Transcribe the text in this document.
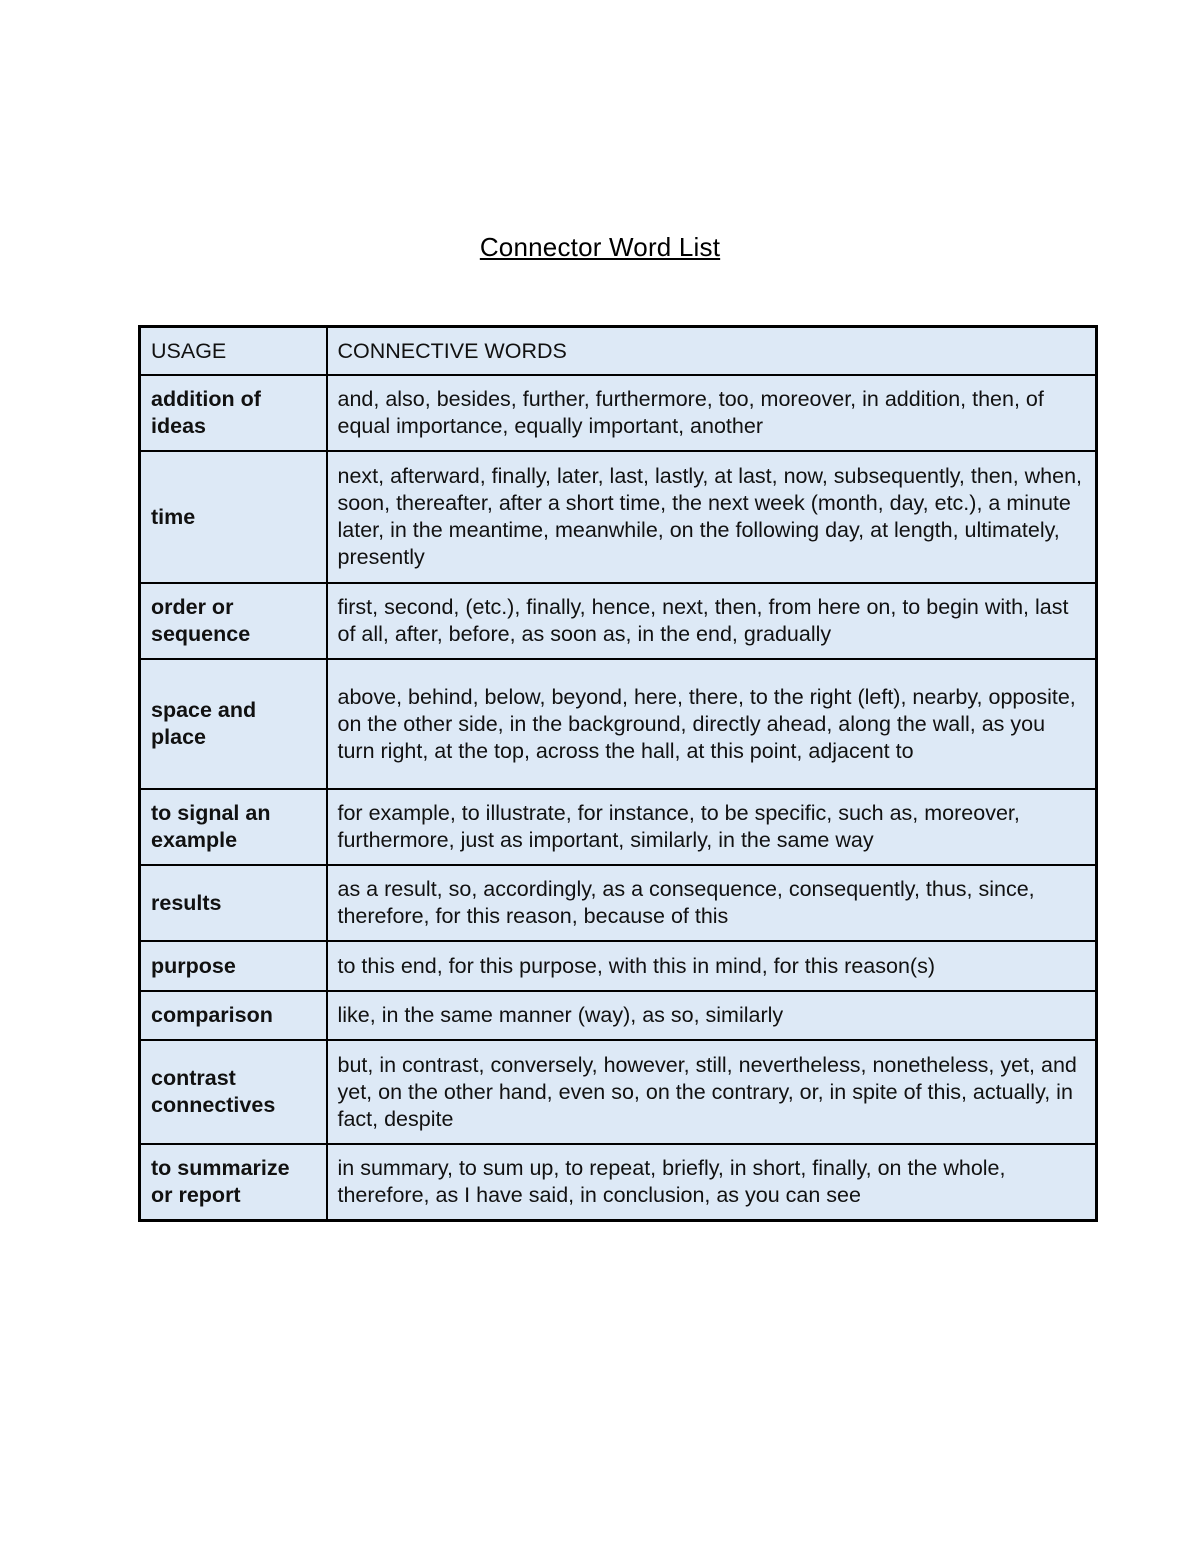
Connector Word List
USAGE	CONNECTIVE WORDS
addition of ideas	and, also, besides, further, furthermore, too, moreover, in addition, then, of equal importance, equally important, another
time	next, afterward, finally, later, last, lastly, at last, now, subsequently, then, when, soon, thereafter, after a short time, the next week (month, day, etc.), a minute later, in the meantime, meanwhile, on the following day, at length, ultimately, presently
order or sequence	first, second, (etc.), finally, hence, next, then, from here on, to begin with, last of all, after, before, as soon as, in the end, gradually
space and place	above, behind, below, beyond, here, there, to the right (left), nearby, opposite, on the other side, in the background, directly ahead, along the wall, as you turn right, at the top, across the hall, at this point, adjacent to
to signal an example	for example, to illustrate, for instance, to be specific, such as, moreover, furthermore, just as important, similarly, in the same way
results	as a result, so, accordingly, as a consequence, consequently, thus, since, therefore, for this reason, because of this
purpose	to this end, for this purpose, with this in mind, for this reason(s)
comparison	like, in the same manner (way), as so, similarly
contrast connectives	but, in contrast, conversely, however, still, nevertheless, nonetheless, yet, and yet, on the other hand, even so, on the contrary, or, in spite of this, actually, in fact, despite
to summarize or report	in summary, to sum up, to repeat, briefly, in short, finally, on the whole, therefore, as I have said, in conclusion, as you can see
